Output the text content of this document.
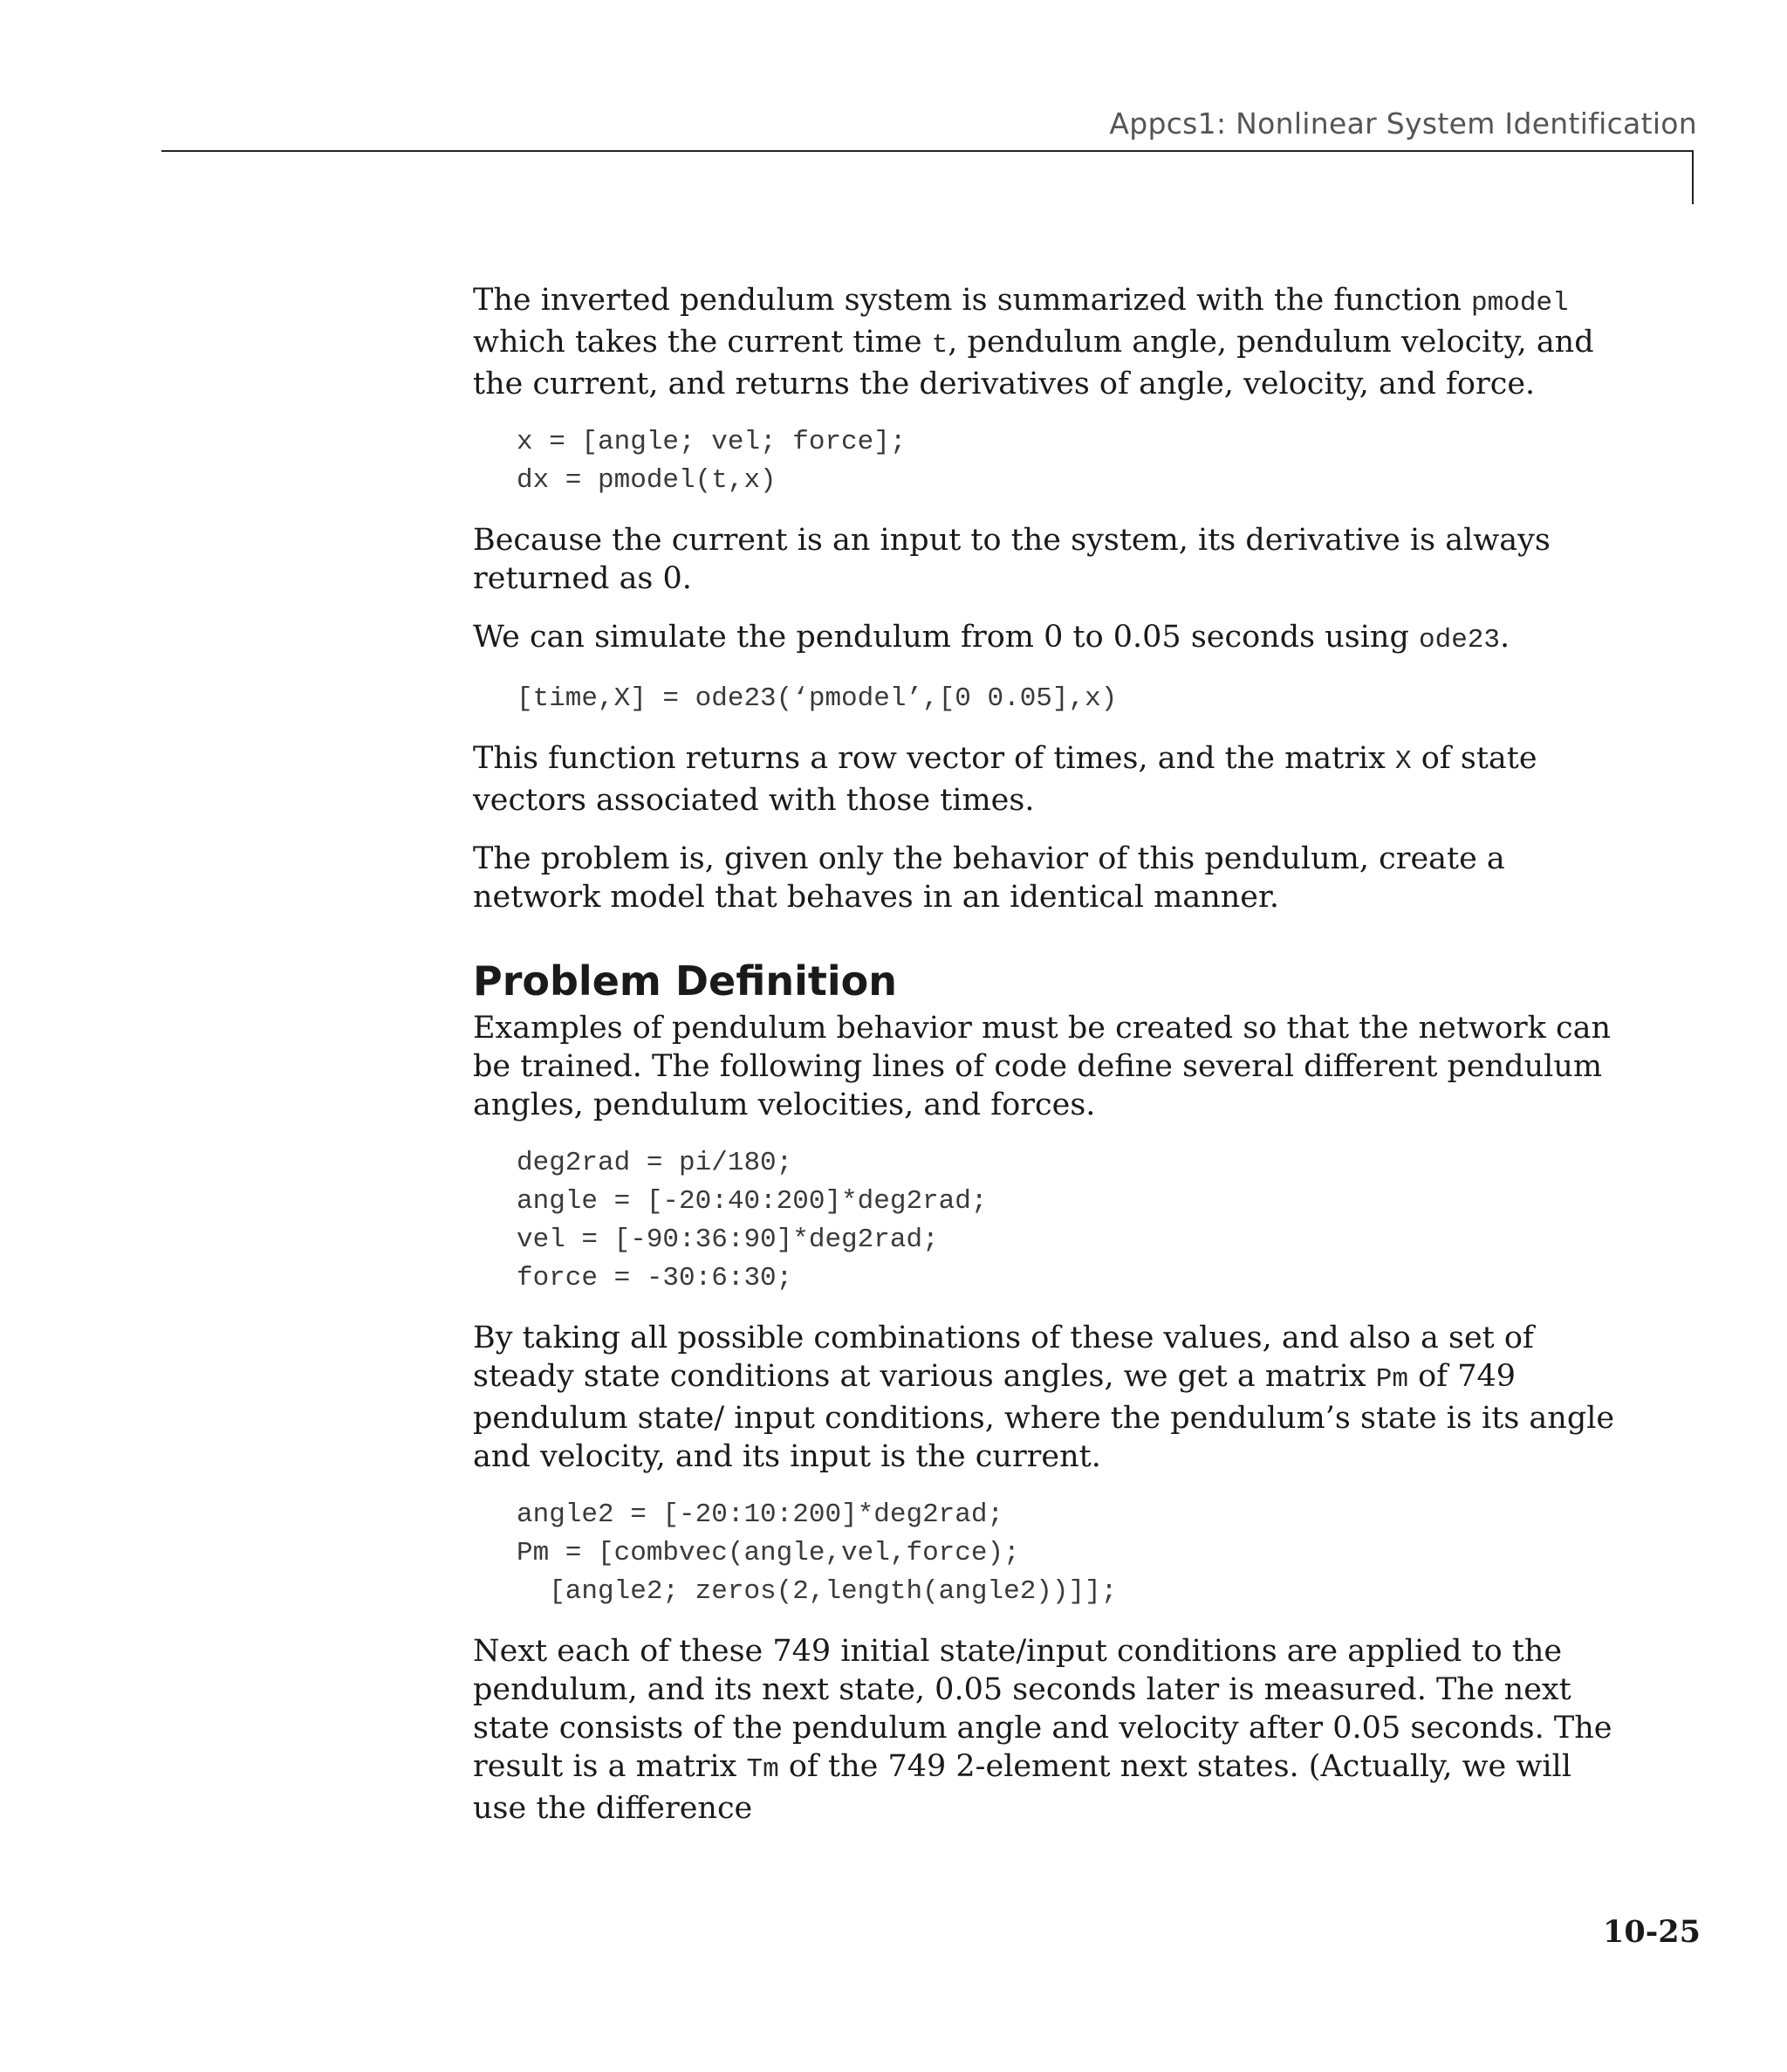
Appcs1: Nonlinear System Identification

The inverted pendulum system is summarized with the function pmodel which takes the current time t, pendulum angle, pendulum velocity, and the current, and returns the derivatives of angle, velocity, and force.

x = [angle; vel; force];
dx = pmodel(t,x)

Because the current is an input to the system, its derivative is always returned as 0.

We can simulate the pendulum from 0 to 0.05 seconds using ode23.

[time,X] = ode23(‘pmodel’,[0 0.05],x)

This function returns a row vector of times, and the matrix X of state vectors associated with those times.

The problem is, given only the behavior of this pendulum, create a network model that behaves in an identical manner.

Problem Definition

Examples of pendulum behavior must be created so that the network can be trained. The following lines of code define several different pendulum angles, pendulum velocities, and forces.

deg2rad = pi/180;
angle = [-20:40:200]*deg2rad;
vel = [-90:36:90]*deg2rad;
force = -30:6:30;

By taking all possible combinations of these values, and also a set of steady state conditions at various angles, we get a matrix Pm of 749 pendulum state/ input conditions, where the pendulum’s state is its angle and velocity, and its input is the current.

angle2 = [-20:10:200]*deg2rad;
Pm = [combvec(angle,vel,force);
[angle2; zeros(2,length(angle2))]];

Next each of these 749 initial state/input conditions are applied to the pendulum, and its next state, 0.05 seconds later is measured. The next state consists of the pendulum angle and velocity after 0.05 seconds. The result is a matrix Tm of the 749 2-element next states. (Actually, we will use the difference

10-25
